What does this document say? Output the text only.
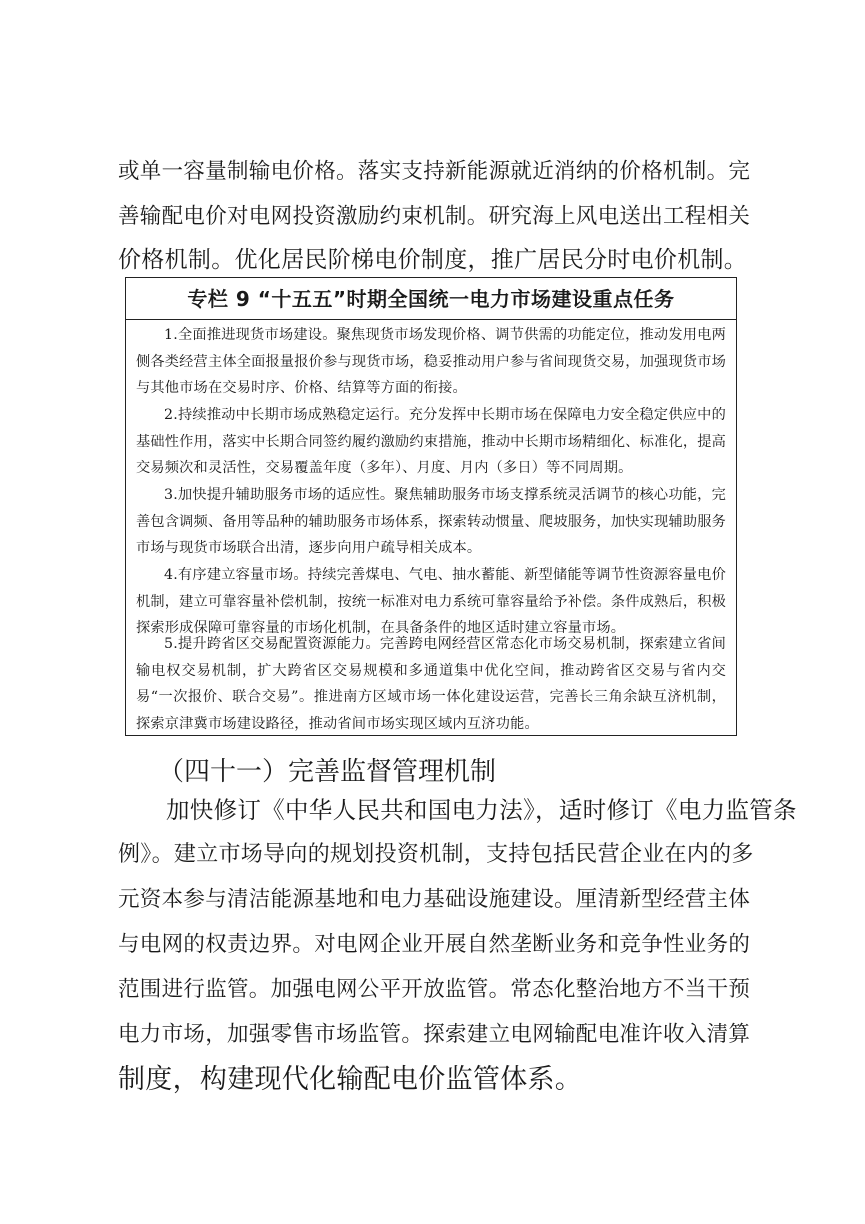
或单一容量制输电价格。落实支持新能源就近消纳的价格机制。完
善输配电价对电网投资激励约束机制。研究海上风电送出工程相关
价格机制。优化居民阶梯电价制度，推广居民分时电价机制。
专栏 9 “十五五”时期全国统一电力市场建设重点任务
1.全面推进现货市场建设。聚焦现货市场发现价格、调节供需的功能定位，推动发用电两侧各类经营主体全面报量报价参与现货市场，稳妥推动用户参与省间现货交易，加强现货市场与其他市场在交易时序、价格、结算等方面的衔接。
2.持续推动中长期市场成熟稳定运行。充分发挥中长期市场在保障电力安全稳定供应中的基础性作用，落实中长期合同签约履约激励约束措施，推动中长期市场精细化、标准化，提高交易频次和灵活性，交易覆盖年度（多年）、月度、月内（多日）等不同周期。
3.加快提升辅助服务市场的适应性。聚焦辅助服务市场支撑系统灵活调节的核心功能，完善包含调频、备用等品种的辅助服务市场体系，探索转动惯量、爬坡服务，加快实现辅助服务市场与现货市场联合出清，逐步向用户疏导相关成本。
4.有序建立容量市场。持续完善煤电、气电、抽水蓄能、新型储能等调节性资源容量电价机制，建立可靠容量补偿机制，按统一标准对电力系统可靠容量给予补偿。条件成熟后，积极探索形成保障可靠容量的市场化机制，在具备条件的地区适时建立容量市场。
5.提升跨省区交易配置资源能力。完善跨电网经营区常态化市场交易机制，探索建立省间输电权交易机制，扩大跨省区交易规模和多通道集中优化空间，推动跨省区交易与省内交易“一次报价、联合交易”。推进南方区域市场一体化建设运营，完善长三角余缺互济机制，探索京津冀市场建设路径，推动省间市场实现区域内互济功能。
（四十一）完善监督管理机制
加快修订《中华人民共和国电力法》，适时修订《电力监管条
例》。建立市场导向的规划投资机制，支持包括民营企业在内的多
元资本参与清洁能源基地和电力基础设施建设。厘清新型经营主体
与电网的权责边界。对电网企业开展自然垄断业务和竞争性业务的
范围进行监管。加强电网公平开放监管。常态化整治地方不当干预
电力市场，加强零售市场监管。探索建立电网输配电准许收入清算
制度，构建现代化输配电价监管体系。
